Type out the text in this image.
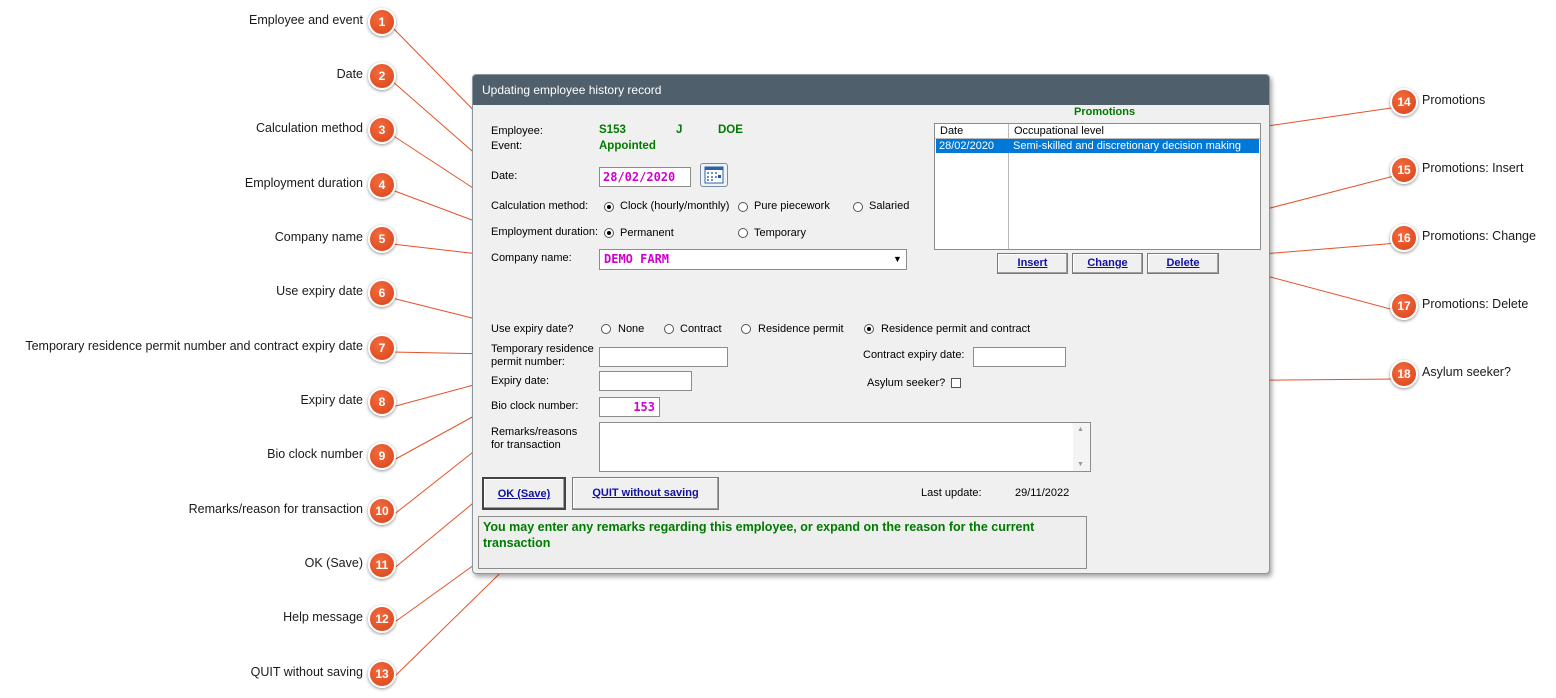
Employee and event	1
Date	2
Calculation method	3
Employment duration	4
Company name	5
Use expiry date	6
Temporary residence permit number and contract expiry date	7
Expiry date	8
Bio clock number	9
Remarks/reason for transaction	10
OK (Save)	11
Help message	12
QUIT without saving	13
14 Promotions
15 Promotions: Insert
16 Promotions: Change
17 Promotions: Delete
18 Asylum seeker?
Updating employee history record
Employee:	S153	J	DOE
Event:	Appointed
Date:	28/02/2020
Calculation method:	Clock (hourly/monthly) Pure piecework	Salaried
Employment duration: Permanent	Temporary
Company name:	DEMO FARM	▼
Use expiry date?	None	Contract	Residence permit	Residence permit and contract
Temporary residence
permit number:
Contract expiry date:
Expiry date:	Asylum seeker?
Bio clock number:	153
Remarks/reasons
for transaction
▲
▼
OK (Save)	QUIT without saving	Last update:	29/11/2022
You may enter any remarks regarding this employee, or expand on the reason for the current transaction
Promotions
Date	Occupational level
28/02/2020 Semi-skilled and discretionary decision making
Insert	Change	Delete
